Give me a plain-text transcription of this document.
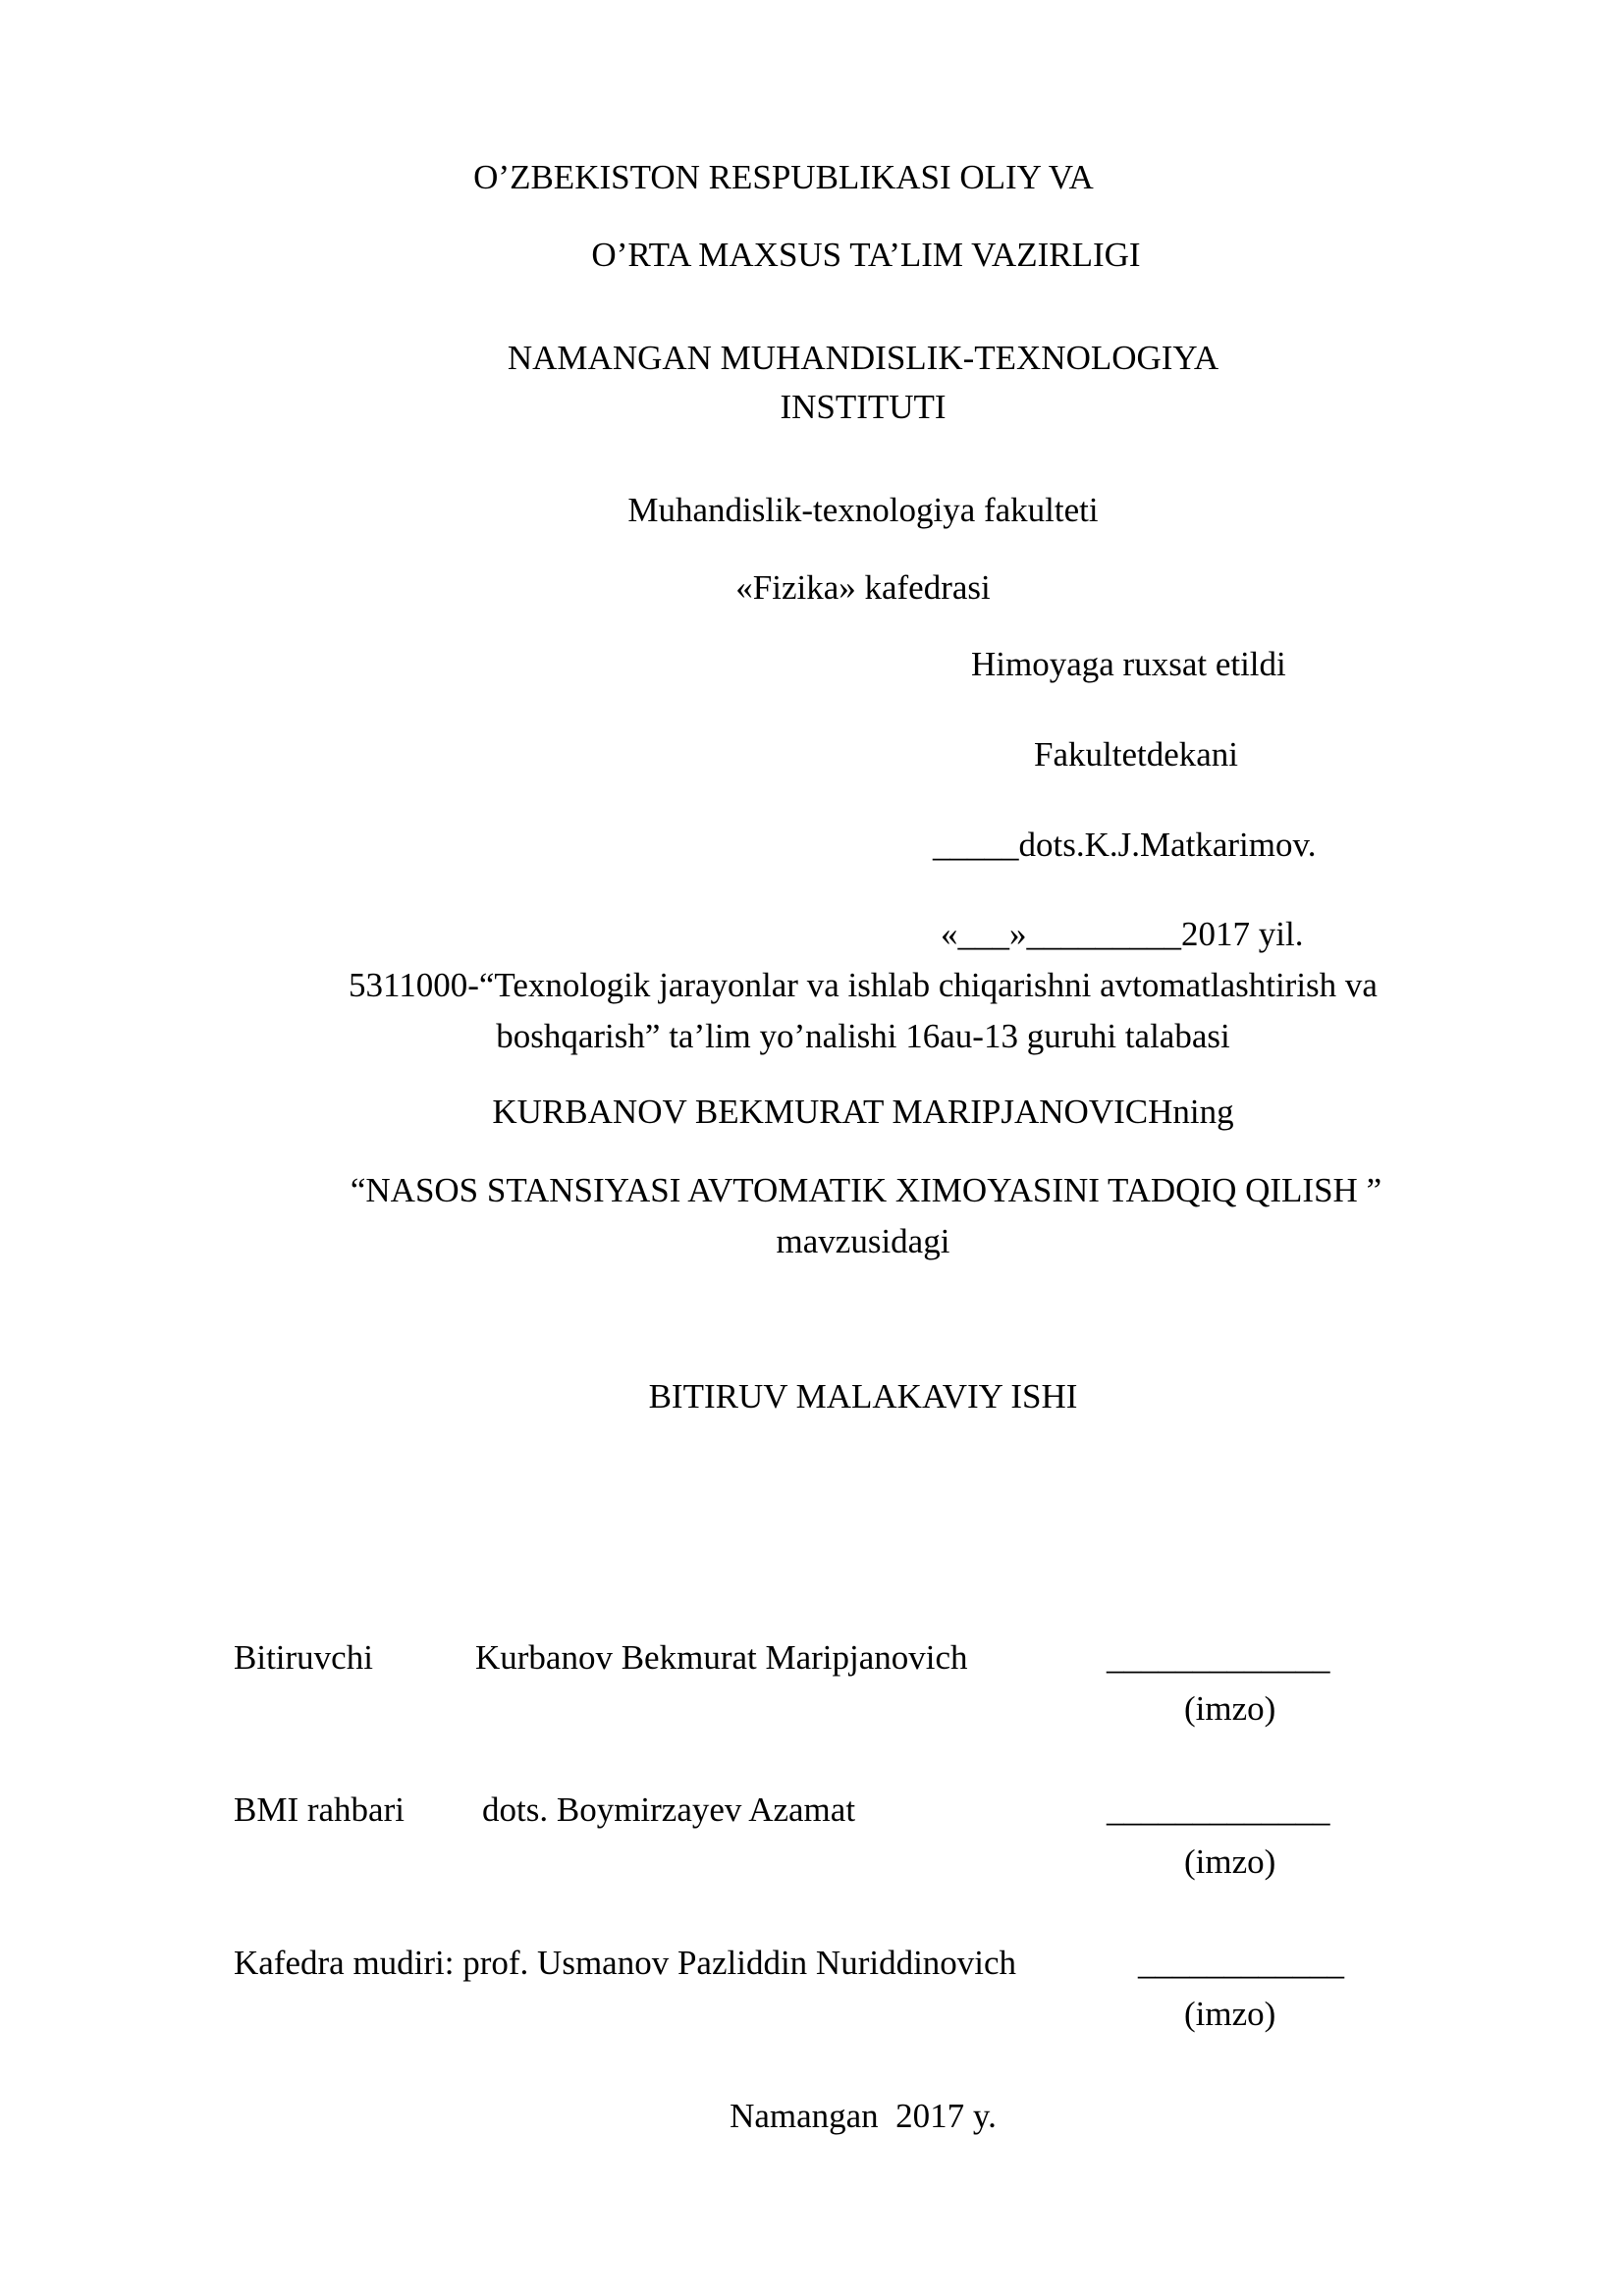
O’ZBEKISTON RESPUBLIKASI OLIY VA
O’RTA MAXSUS TA’LIM VAZIRLIGI
NAMANGAN MUHANDISLIK-TEXNOLOGIYA
INSTITUTI
Muhandislik-texnologiya fakulteti
«Fizika» kafedrasi
Himoyaga ruxsat etildi
Fakultetdekani
_____dots.K.J.Matkarimov.
«___»_________2017 yil.
5311000-“Texnologik jarayonlar va ishlab chiqarishni avtomatlashtirish va
boshqarish” ta’lim yo’nalishi 16au-13 guruhi talabasi
KURBANOV BEKMURAT MARIPJANOVICHning
“NASOS STANSIYASI AVTOMATIK XIMOYASINI TADQIQ QILISH ”
mavzusidagi
BITIRUV MALAKAVIY ISHI
Bitiruvchi	Kurbanov Bekmurat Maripjanovich	_____________
(imzo)
BMI rahbari dots. Boymirzayev Azamat	_____________
(imzo)
Kafedra mudiri: prof. Usmanov Pazliddin Nuriddinovich	____________
(imzo)
Namangan  2017 y.
